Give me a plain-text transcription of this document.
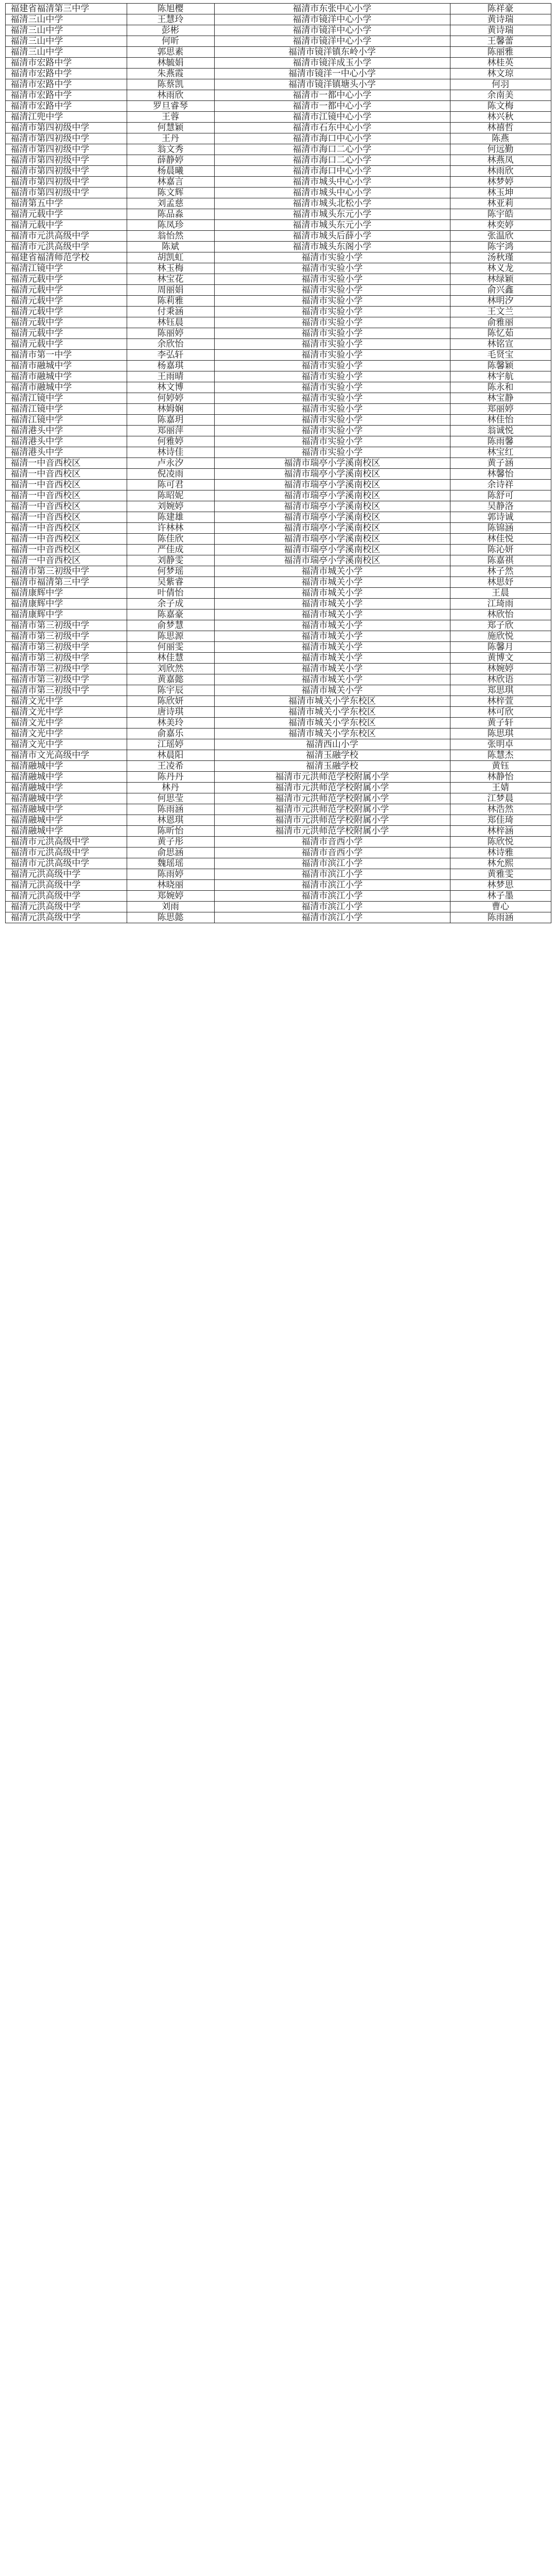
福建省福清第三中学	陈旭樱	福清市东张中心小学	陈祥豪
福清三山中学	王慧玲	福清市镜洋中心小学	黄诗瑞
福清三山中学	彭彬	福清市镜洋中心小学	黄诗瑞
福清三山中学	何昕	福清市镜洋中心小学	王馨蕾
福清三山中学	郭思素	福清市镜洋镇东岭小学	陈丽雅
福清市宏路中学	林毓娟	福清市镜洋成玉小学	林桂英
福清市宏路中学	朱燕霞	福清市镜洋一中心小学	林文琼
福清市宏路中学	陈蔡凯	福清市镜洋镇塘头小学	何羽
福清市宏路中学	林雨欣	福清市一都中心小学	余南美
福清市宏路中学	罗旦睿琴	福清市一都中心小学	陈文梅
福清江兜中学	王蓉	福清市江镜中心小学	林兴秋
福清市第四初级中学	何慧颖	福清市石东中心小学	林禧哲
福清市第四初级中学	王丹	福清市海口中心小学	陈燕
福清市第四初级中学	翁文秀	福清市海口二心小学	何远勤
福清市第四初级中学	薛静婷	福清市海口二心小学	林燕凤
福清市第四初级中学	杨晨曦	福清市海口中心小学	林雨欣
福清市第四初级中学	林嘉言	福清市城头中心小学	林梦婷
福清市第四初级中学	陈文辉	福清市城头中心小学	林玉坤
福清第五中学	刘孟慈	福清市城头北松小学	林亚莉
福清元载中学	陈品淼	福清市城头东元小学	陈宇皓
福清元载中学	陈凤珍	福清市城头东元小学	林奕婷
福清市元洪高级中学	翁怡然	福清市城头后薛小学	张温欣
福清市元洪高级中学	陈斌	福清市城头东阁小学	陈宇鸿
福建省福清师范学校	胡凯虹	福清市实验小学	汤秋瑾
福清江镜中学	林玉梅	福清市实验小学	林义龙
福清元载中学	林宝花	福清市实验小学	林绿颖
福清元载中学	周丽娟	福清市实验小学	俞兴鑫
福清元载中学	陈莉雅	福清市实验小学	林明汐
福清元载中学	付秉涵	福清市实验小学	王文兰
福清元载中学	林钰晨	福清市实验小学	俞雅丽
福清元载中学	陈丽婷	福清市实验小学	陈忆茹
福清元载中学	余欣怡	福清市实验小学	林铭宣
福清市第一中学	李弘轩	福清市实验小学	毛贤宝
福清市融城中学	杨嘉琪	福清市实验小学	陈馨颖
福清市融城中学	王雨晴	福清市实验小学	林宇航
福清市融城中学	林文博	福清市实验小学	陈永和
福清江镜中学	何婷婷	福清市实验小学	林宝静
福清江镜中学	林姆娴	福清市实验小学	郑丽婷
福清江镜中学	陈嘉玥	福清市实验小学	林佳怡
福清港头中学	郑丽萍	福清市实验小学	翁诚悦
福清港头中学	何雅婷	福清市实验小学	陈雨馨
福清港头中学	林诗佳	福清市实验小学	林宝红
福清一中音西校区	卢永汐	福清市瑞亭小学溪南校区	黄子涵
福清一中音西校区	倪凌雨	福清市瑞亭小学溪南校区	林馨怡
福清一中音西校区	陈可君	福清市瑞亭小学溪南校区	余诗祥
福清一中音西校区	陈昭妮	福清市瑞亭小学溪南校区	陈舒可
福清一中音西校区	刘婉婷	福清市瑞亭小学溪南校区	吴静洛
福清一中音西校区	陈建雄	福清市瑞亭小学溪南校区	郭诗诚
福清一中音西校区	许林林	福清市瑞亭小学溪南校区	陈锦涵
福清一中音西校区	陈佳欣	福清市瑞亭小学溪南校区	林佳悦
福清一中音西校区	严佳成	福清市瑞亭小学溪南校区	陈沁妍
福清一中音西校区	刘静雯	福清市瑞亭小学溪南校区	陈嘉祺
福清市第三初级中学	何梦瑶	福清市城关小学	林子然
福清市福清第三中学	吴紫睿	福清市城关小学	林思妤
福清康辉中学	叶倩怡	福清市城关小学	王晨
福清康辉中学	余子成	福清市城关小学	江琦雨
福清康辉中学	陈嘉豪	福清市城关小学	林欣怡
福清市第三初级中学	俞梦慧	福清市城关小学	郑子欣
福清市第三初级中学	陈思源	福清市城关小学	施欣悦
福清市第三初级中学	何丽雯	福清市城关小学	陈馨月
福清市第三初级中学	林佳慧	福清市城关小学	黄博文
福清市第三初级中学	刘欣然	福清市城关小学	林婉婷
福清市第三初级中学	黄嘉懿	福清市城关小学	林欣语
福清市第三初级中学	陈宇辰	福清市城关小学	郑思琪
福清文光中学	陈欣妍	福清市城关小学东校区	林梓萱
福清文光中学	唐诗琪	福清市城关小学东校区	林可欣
福清文光中学	林美玲	福清市城关小学东校区	黄子轩
福清文光中学	俞嘉乐	福清市城关小学东校区	陈思琪
福清文光中学	江瑶婷	福清西山小学	张明卓
福清市文光高级中学	林晨阳	福清玉融学校	陈慧杰
福清融城中学	王凌希	福清玉融学校	黄钰
福清融城中学	陈丹丹	福清市元洪师范学校附属小学	林静怡
福清融城中学	林丹	福清市元洪师范学校附属小学	王婧
福清融城中学	何思莹	福清市元洪师范学校附属小学	江梦晨
福清融城中学	陈雨涵	福清市元洪师范学校附属小学	林浩然
福清融城中学	林恩琪	福清市元洪师范学校附属小学	郑佳琦
福清融城中学	陈昕怡	福清市元洪师范学校附属小学	林梓涵
福清市元洪高级中学	黄子彤	福清市音西小学	陈欣悦
福清市元洪高级中学	俞思涵	福清市音西小学	林诗雅
福清市元洪高级中学	魏瑶瑶	福清市滨江小学	林允熙
福清元洪高级中学	陈雨婷	福清市滨江小学	黄雅雯
福清元洪高级中学	林晓丽	福清市滨江小学	林梦思
福清元洪高级中学	郑婉婷	福清市滨江小学	林子墨
福清元洪高级中学	刘雨	福清市滨江小学	曹心
福清元洪高级中学	陈思懿	福清市滨江小学	陈雨涵
